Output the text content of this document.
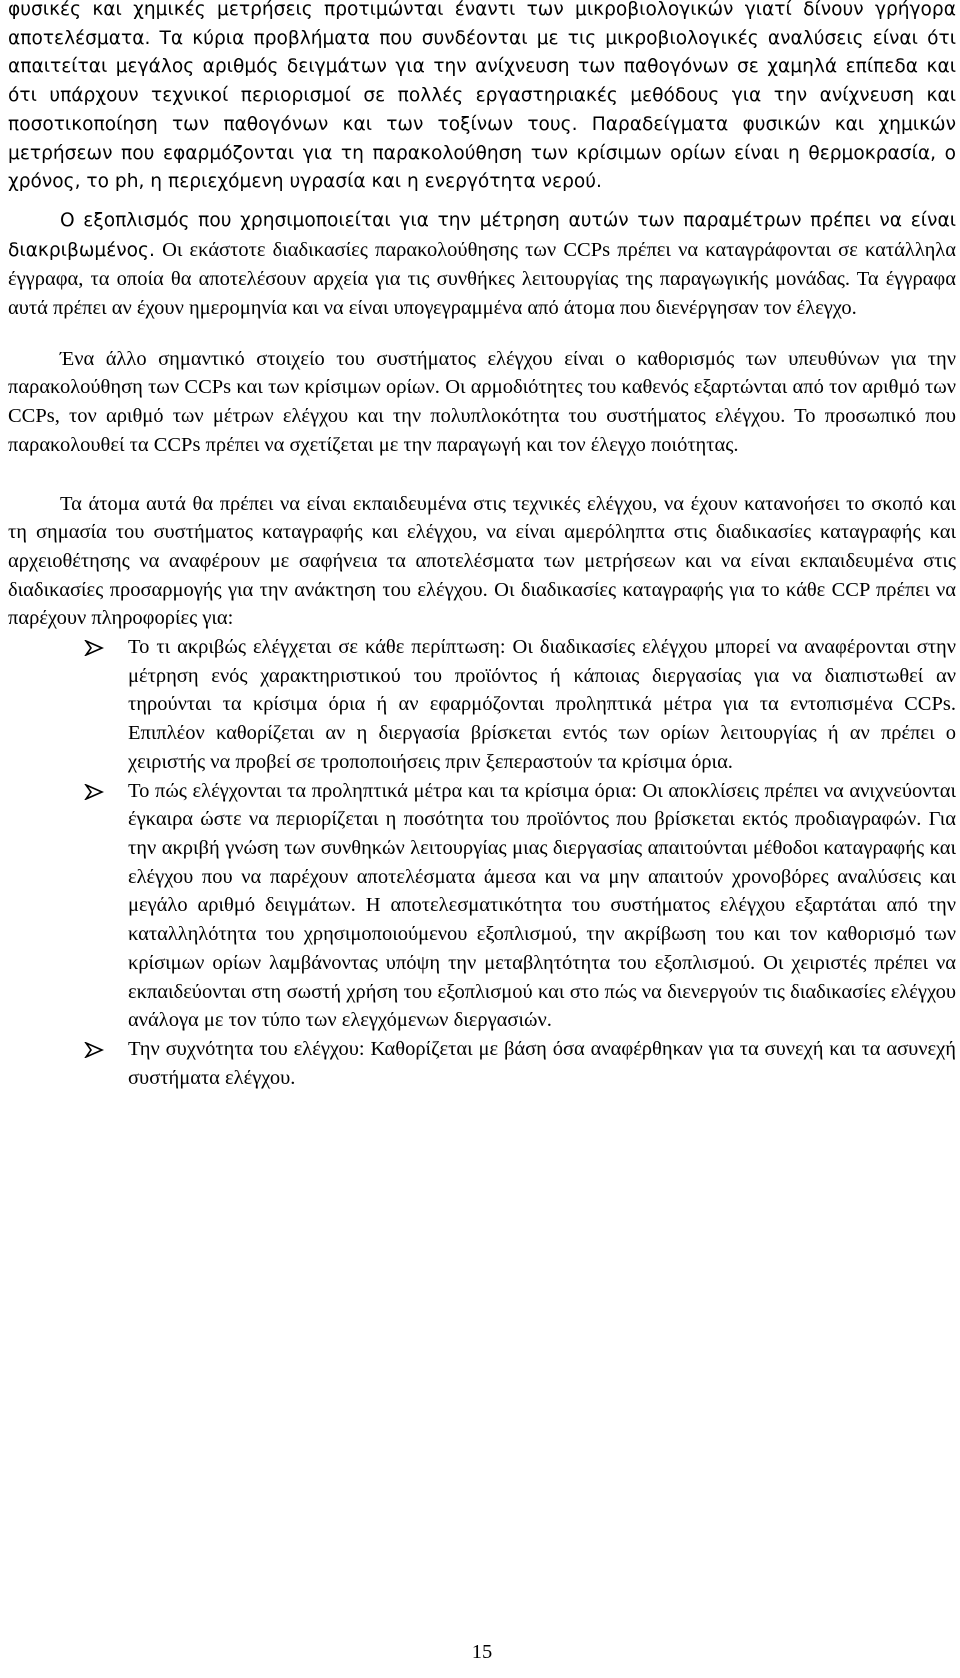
φυσικές και χημικές μετρήσεις προτιμώνται έναντι των μικροβιολογικών γιατί δίνουν γρήγορα αποτελέσματα. Τα κύρια προβλήματα που συνδέονται με τις μικροβιολογικές αναλύσεις είναι ότι απαιτείται μεγάλος αριθμός δειγμάτων για την ανίχνευση των παθογόνων σε χαμηλά επίπεδα και ότι υπάρχουν τεχνικοί περιορισμοί σε πολλές εργαστηριακές μεθόδους για την ανίχνευση και ποσοτικοποίηση των παθογόνων και των τοξίνων τους. Παραδείγματα φυσικών και χημικών μετρήσεων που εφαρμόζονται για τη παρακολούθηση των κρίσιμων ορίων είναι η θερμοκρασία, ο χρόνος, το ph, η περιεχόμενη υγρασία και η ενεργότητα νερού.

Ο εξοπλισμός που χρησιμοποιείται για την μέτρηση αυτών των παραμέτρων πρέπει να είναι διακριβωμένος. Οι εκάστοτε διαδικασίες παρακολούθησης των CCPs πρέπει να καταγράφονται σε κατάλληλα έγγραφα, τα οποία θα αποτελέσουν αρχεία για τις συνθήκες λειτουργίας της παραγωγικής μονάδας. Τα έγγραφα αυτά πρέπει αν έχουν ημερομηνία και να είναι υπογεγραμμένα από άτομα που διενέργησαν τον έλεγχο.

Ένα άλλο σημαντικό στοιχείο του συστήματος ελέγχου είναι ο καθορισμός των υπευθύνων για την παρακολούθηση των CCPs και των κρίσιμων ορίων. Οι αρμοδιότητες του καθενός εξαρτώνται από τον αριθμό των CCPs, τον αριθμό των μέτρων ελέγχου και την πολυπλοκότητα του συστήματος ελέγχου. Το προσωπικό που παρακολουθεί τα CCPs πρέπει να σχετίζεται με την παραγωγή και τον έλεγχο ποιότητας.

Τα άτομα αυτά θα πρέπει να είναι εκπαιδευμένα στις τεχνικές ελέγχου, να έχουν κατανοήσει το σκοπό και τη σημασία του συστήματος καταγραφής και ελέγχου, να είναι αμερόληπτα στις διαδικασίες καταγραφής και αρχειοθέτησης να αναφέρουν με σαφήνεια τα αποτελέσματα των μετρήσεων και να είναι εκπαιδευμένα στις διαδικασίες προσαρμογής για την ανάκτηση του ελέγχου. Οι διαδικασίες καταγραφής για το κάθε CCP πρέπει να παρέχουν πληροφορίες για:

Το τι ακριβώς ελέγχεται σε κάθε περίπτωση: Οι διαδικασίες ελέγχου μπορεί να αναφέρονται στην μέτρηση ενός χαρακτηριστικού του προϊόντος ή κάποιας διεργασίας για να διαπιστωθεί αν τηρούνται τα κρίσιμα όρια ή αν εφαρμόζονται προληπτικά μέτρα για τα εντοπισμένα CCPs. Επιπλέον καθορίζεται αν η διεργασία βρίσκεται εντός των ορίων λειτουργίας ή αν πρέπει ο χειριστής να προβεί σε τροποποιήσεις πριν ξεπεραστούν τα κρίσιμα όρια.
Το πώς ελέγχονται τα προληπτικά μέτρα και τα κρίσιμα όρια: Οι αποκλίσεις πρέπει να ανιχνεύονται έγκαιρα ώστε να περιορίζεται η ποσότητα του προϊόντος που βρίσκεται εκτός προδιαγραφών. Για την ακριβή γνώση των συνθηκών λειτουργίας μιας διεργασίας απαιτούνται μέθοδοι καταγραφής και ελέγχου που να παρέχουν αποτελέσματα άμεσα και να μην απαιτούν χρονοβόρες αναλύσεις και μεγάλο αριθμό δειγμάτων. Η αποτελεσματικότητα του συστήματος ελέγχου εξαρτάται από την καταλληλότητα του χρησιμοποιούμενου εξοπλισμού, την ακρίβωση του και τον καθορισμό των κρίσιμων ορίων λαμβάνοντας υπόψη την μεταβλητότητα του εξοπλισμού. Οι χειριστές πρέπει να εκπαιδεύονται στη σωστή χρήση του εξοπλισμού και στο πώς να διενεργούν τις διαδικασίες ελέγχου ανάλογα με τον τύπο των ελεγχόμενων διεργασιών.
Την συχνότητα του ελέγχου: Καθορίζεται με βάση όσα αναφέρθηκαν για τα συνεχή και τα ασυνεχή συστήματα ελέγχου.
15
